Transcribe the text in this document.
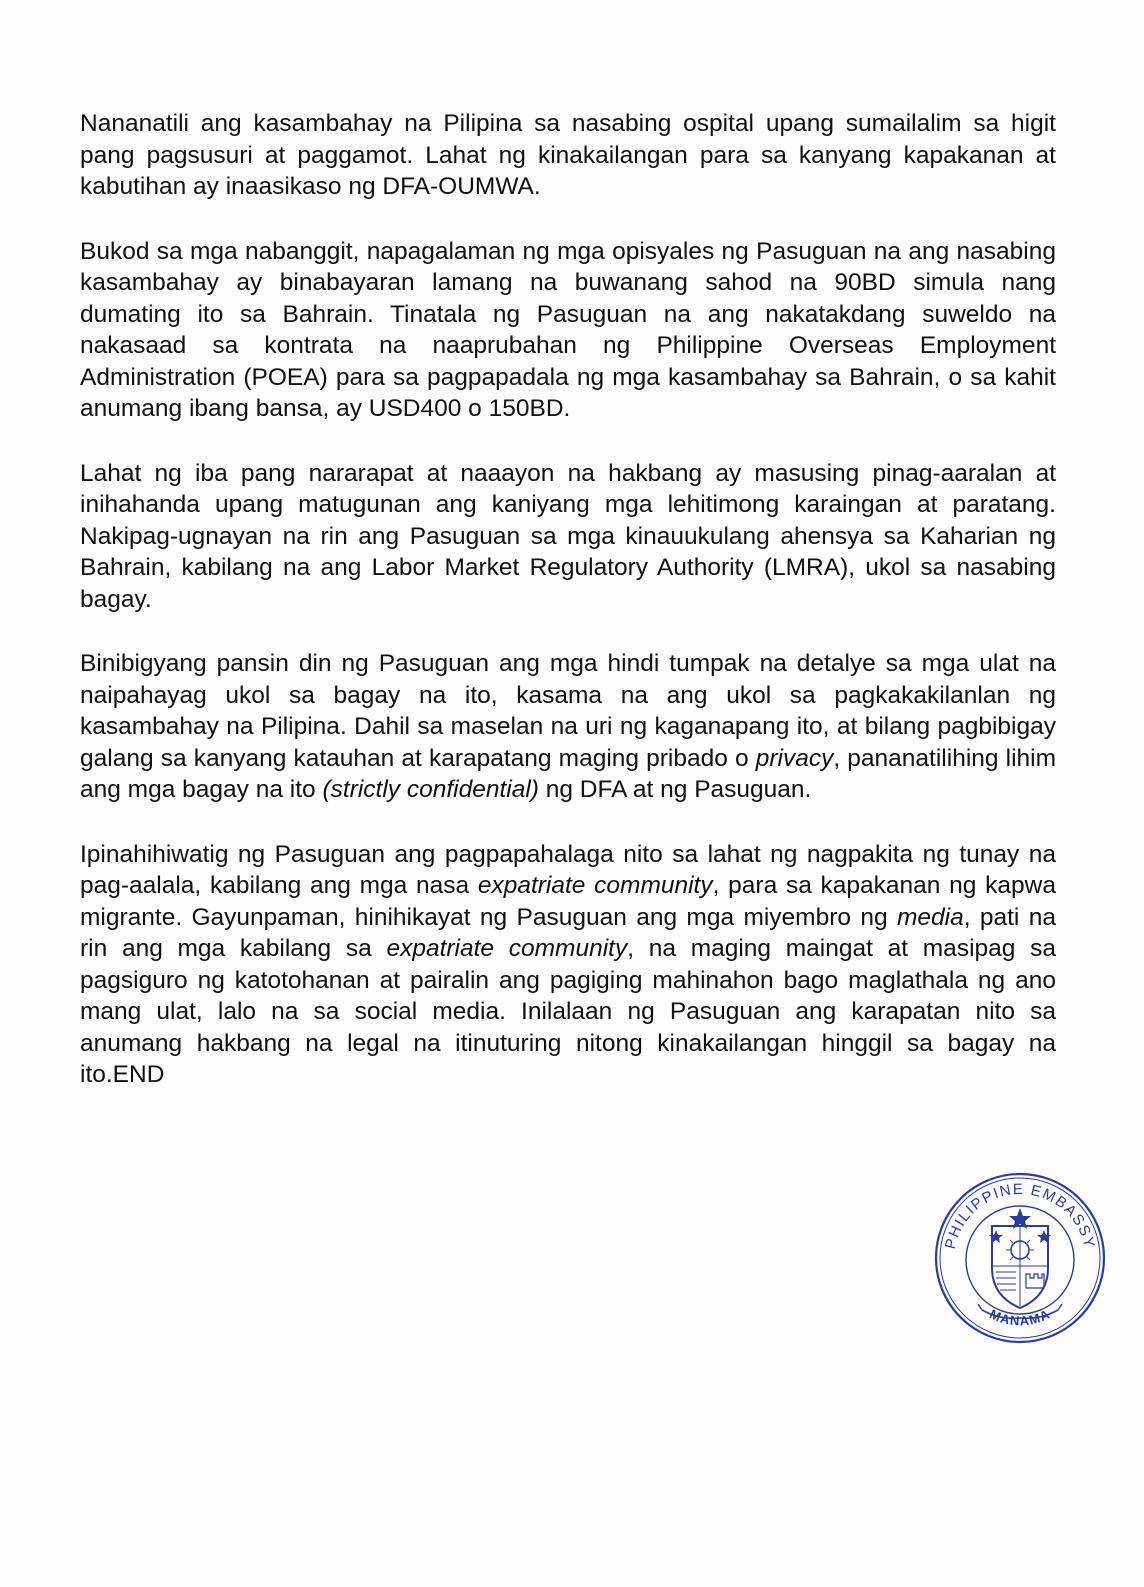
Nananatili ang kasambahay na Pilipina sa nasabing ospital upang sumailalim sa higit pang pagsusuri at paggamot. Lahat ng kinakailangan para sa kanyang kapakanan at kabutihan ay inaasikaso ng DFA-OUMWA.

Bukod sa mga nabanggit, napagalaman ng mga opisyales ng Pasuguan na ang nasabing kasambahay ay binabayaran lamang na buwanang sahod na 90BD simula nang dumating ito sa Bahrain. Tinatala ng Pasuguan na ang nakatakdang suweldo na nakasaad sa kontrata na naaprubahan ng Philippine Overseas Employment Administration (POEA) para sa pagpapadala ng mga kasambahay sa Bahrain, o sa kahit anumang ibang bansa, ay USD400 o 150BD.

Lahat ng iba pang nararapat at naaayon na hakbang ay masusing pinag-aaralan at inihahanda upang matugunan ang kaniyang mga lehitimong karaingan at paratang. Nakipag-ugnayan na rin ang Pasuguan sa mga kinauukulang ahensya sa Kaharian ng Bahrain, kabilang na ang Labor Market Regulatory Authority (LMRA), ukol sa nasabing bagay.

Binibigyang pansin din ng Pasuguan ang mga hindi tumpak na detalye sa mga ulat na naipahayag ukol sa bagay na ito, kasama na ang ukol sa pagkakakilanlan ng kasambahay na Pilipina. Dahil sa maselan na uri ng kaganapang ito, at bilang pagbibigay galang sa kanyang katauhan at karapatang maging pribado o privacy, pananatilihing lihim ang mga bagay na ito (strictly confidential) ng DFA at ng Pasuguan.

Ipinahihiwatig ng Pasuguan ang pagpapahalaga nito sa lahat ng nagpakita ng tunay na pag-aalala, kabilang ang mga nasa expatriate community, para sa kapakanan ng kapwa migrante. Gayunpaman, hinihikayat ng Pasuguan ang mga miyembro ng media, pati na rin ang mga kabilang sa expatriate community, na maging maingat at masipag sa pagsiguro ng katotohanan at pairalin ang pagiging mahinahon bago maglathala ng ano mang ulat, lalo na sa social media. Inilalaan ng Pasuguan ang karapatan nito sa anumang hakbang na legal na itinuturing nitong kinakailangan hinggil sa bagay na ito.END

PHILIPPINE EMBASSY
MANAMA
